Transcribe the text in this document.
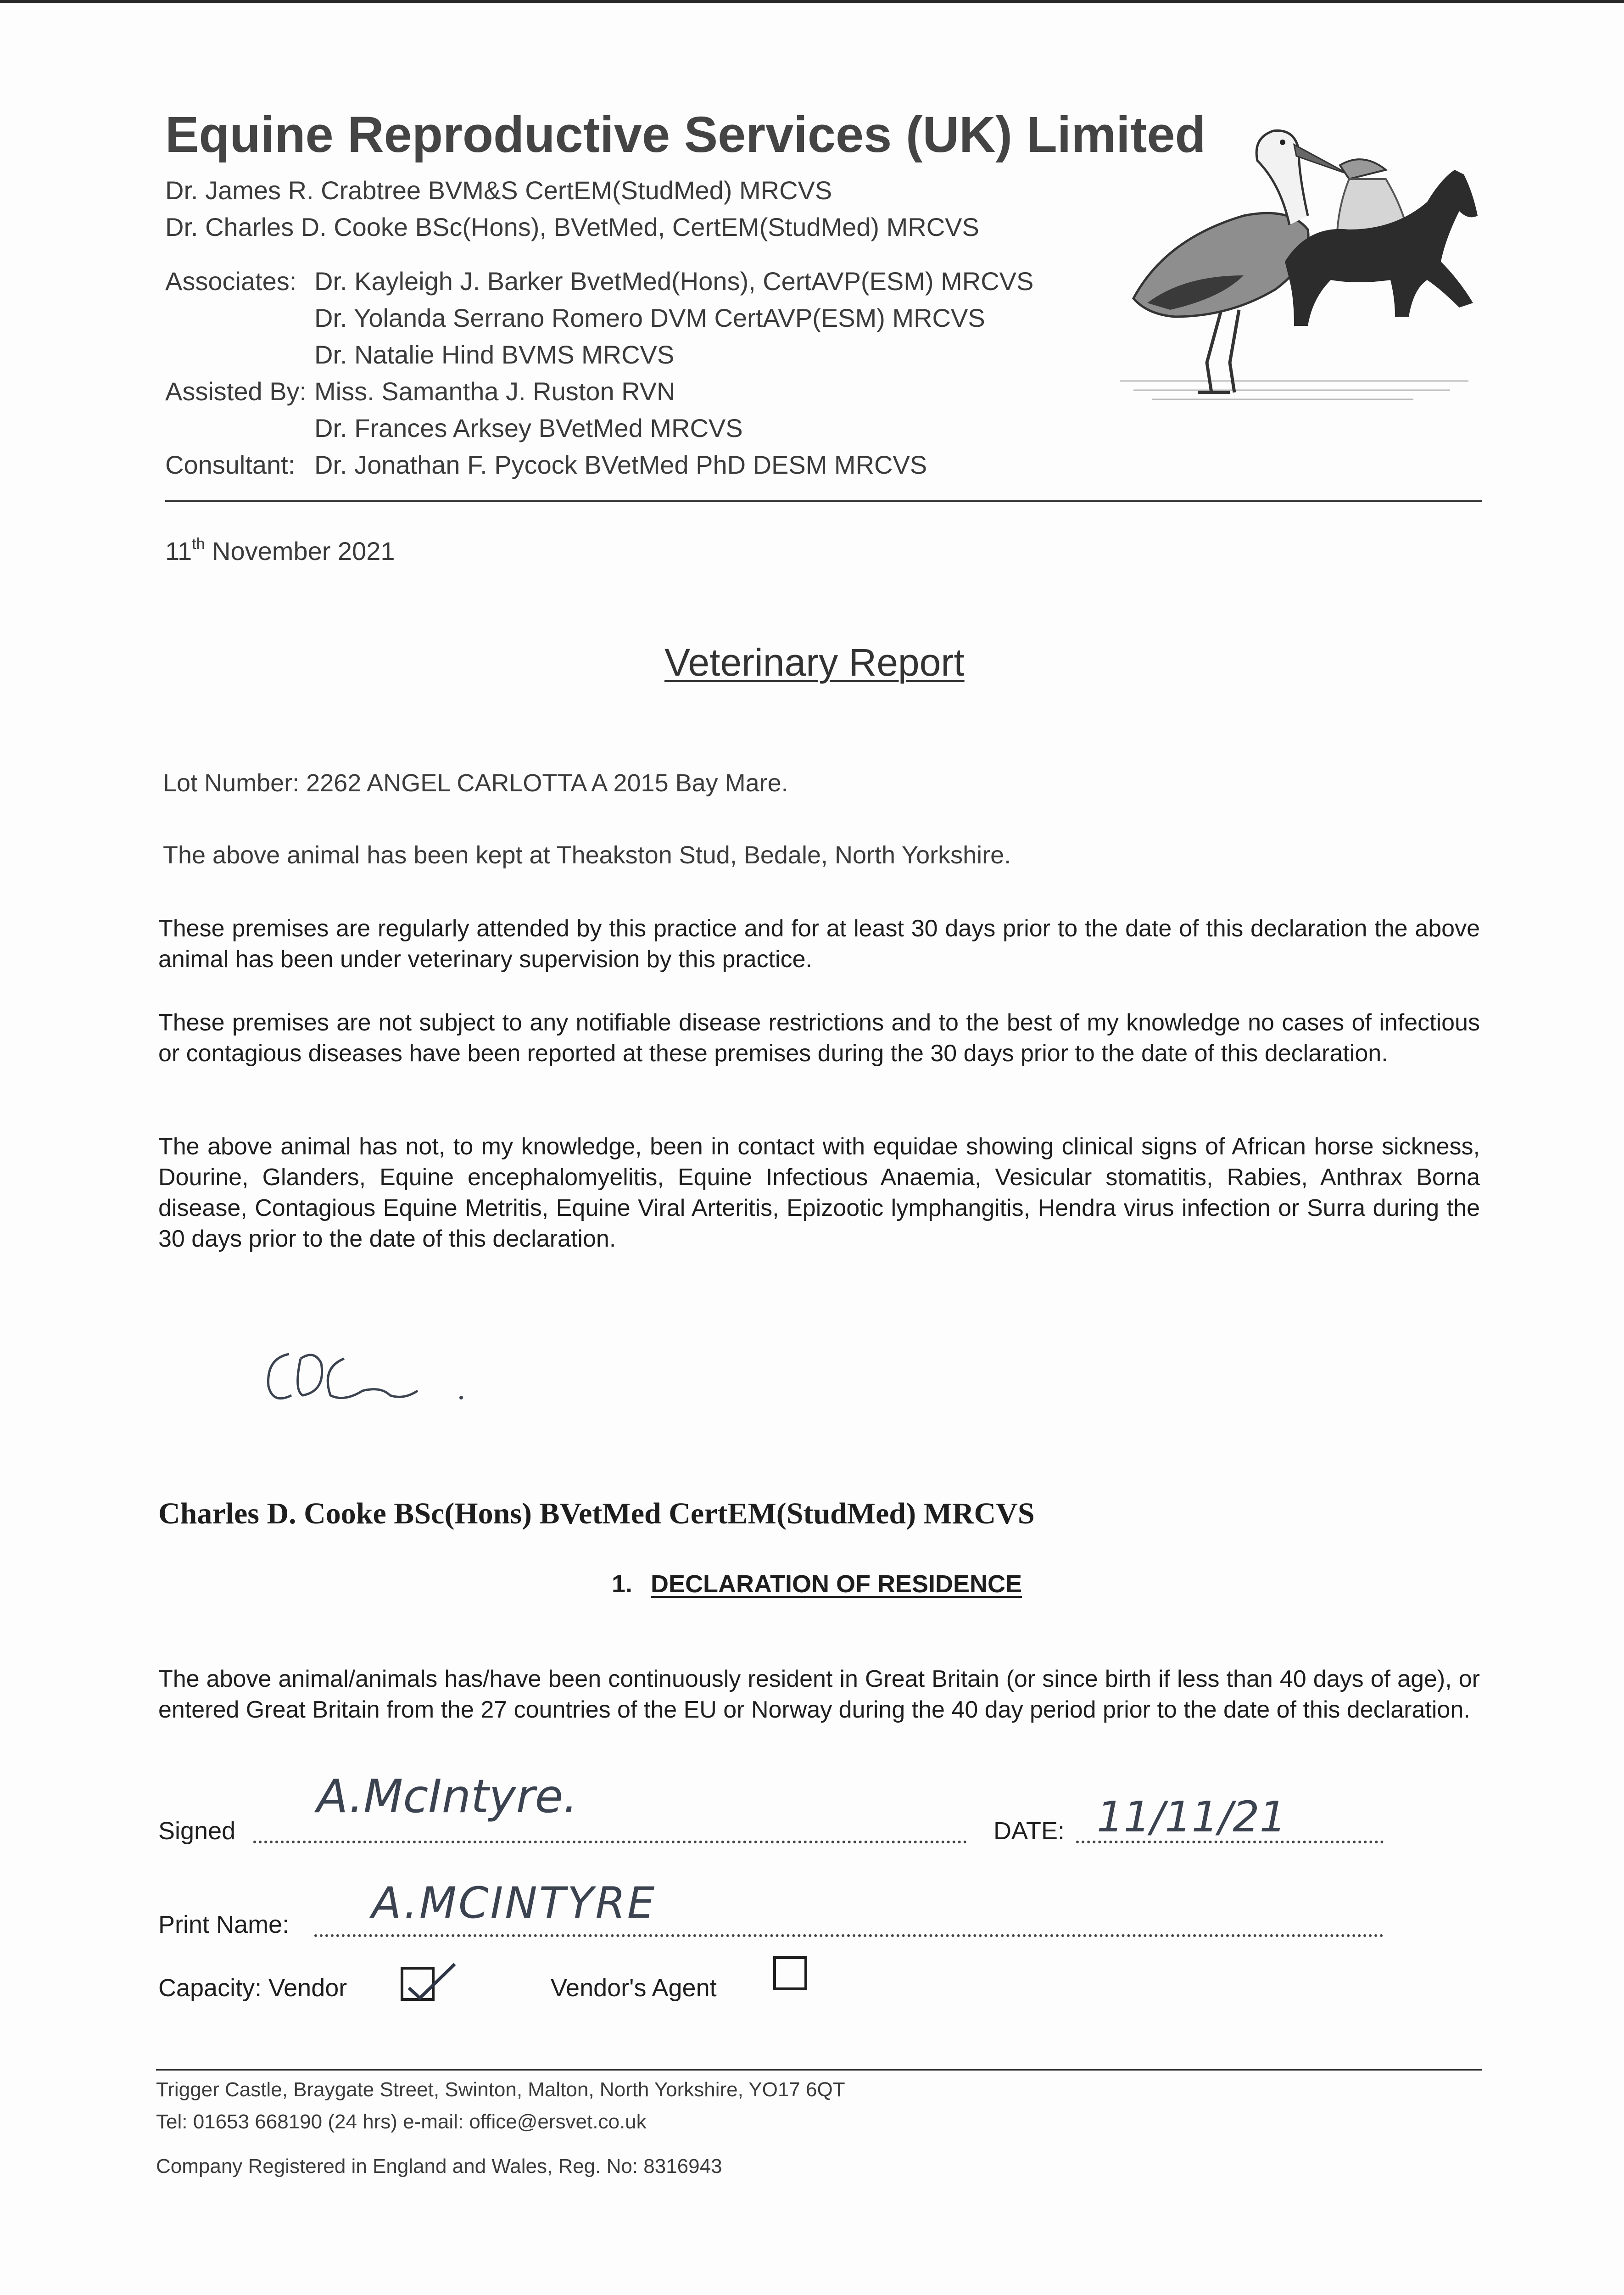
Equine Reproductive Services (UK) Limited
Dr. James R. Crabtree BVM&S CertEM(StudMed) MRCVS
Dr. Charles D. Cooke BSc(Hons), BVetMed, CertEM(StudMed) MRCVS
Associates: Dr. Kayleigh J. Barker BvetMed(Hons), CertAVP(ESM) MRCVS
Dr. Yolanda Serrano Romero DVM CertAVP(ESM) MRCVS
Dr. Natalie Hind BVMS MRCVS
Assisted By: Miss. Samantha J. Ruston RVN
Dr. Frances Arksey BVetMed MRCVS
Consultant: Dr. Jonathan F. Pycock BVetMed PhD DESM MRCVS
11th November 2021
Veterinary Report
Lot Number: 2262 ANGEL CARLOTTA A 2015 Bay Mare.
The above animal has been kept at Theakston Stud, Bedale, North Yorkshire.
These premises are regularly attended by this practice and for at least 30 days prior to the date of this declaration the above animal has been under veterinary supervision by this practice.
These premises are not subject to any notifiable disease restrictions and to the best of my knowledge no cases of infectious or contagious diseases have been reported at these premises during the 30 days prior to the date of this declaration.
The above animal has not, to my knowledge, been in contact with equidae showing clinical signs of African horse sickness, Dourine, Glanders, Equine encephalomyelitis, Equine Infectious Anaemia, Vesicular stomatitis, Rabies, Anthrax Borna disease, Contagious Equine Metritis, Equine Viral Arteritis, Epizootic lymphangitis, Hendra virus infection or Surra during the 30 days prior to the date of this declaration.
Charles D. Cooke BSc(Hons) BVetMed CertEM(StudMed) MRCVS
1. DECLARATION OF RESIDENCE
The above animal/animals has/have been continuously resident in Great Britain (or since birth if less than 40 days of age), or entered Great Britain from the 27 countries of the EU or Norway during the 40 day period prior to the date of this declaration.
Signed
A.McIntyre.
DATE: 11/11/21
Print Name: A.MCINTYRE
Capacity: Vendor	Vendor's Agent
Trigger Castle, Braygate Street, Swinton, Malton, North Yorkshire, YO17 6QT
Tel: 01653 668190 (24 hrs) e-mail: office@ersvet.co.uk
Company Registered in England and Wales, Reg. No: 8316943
